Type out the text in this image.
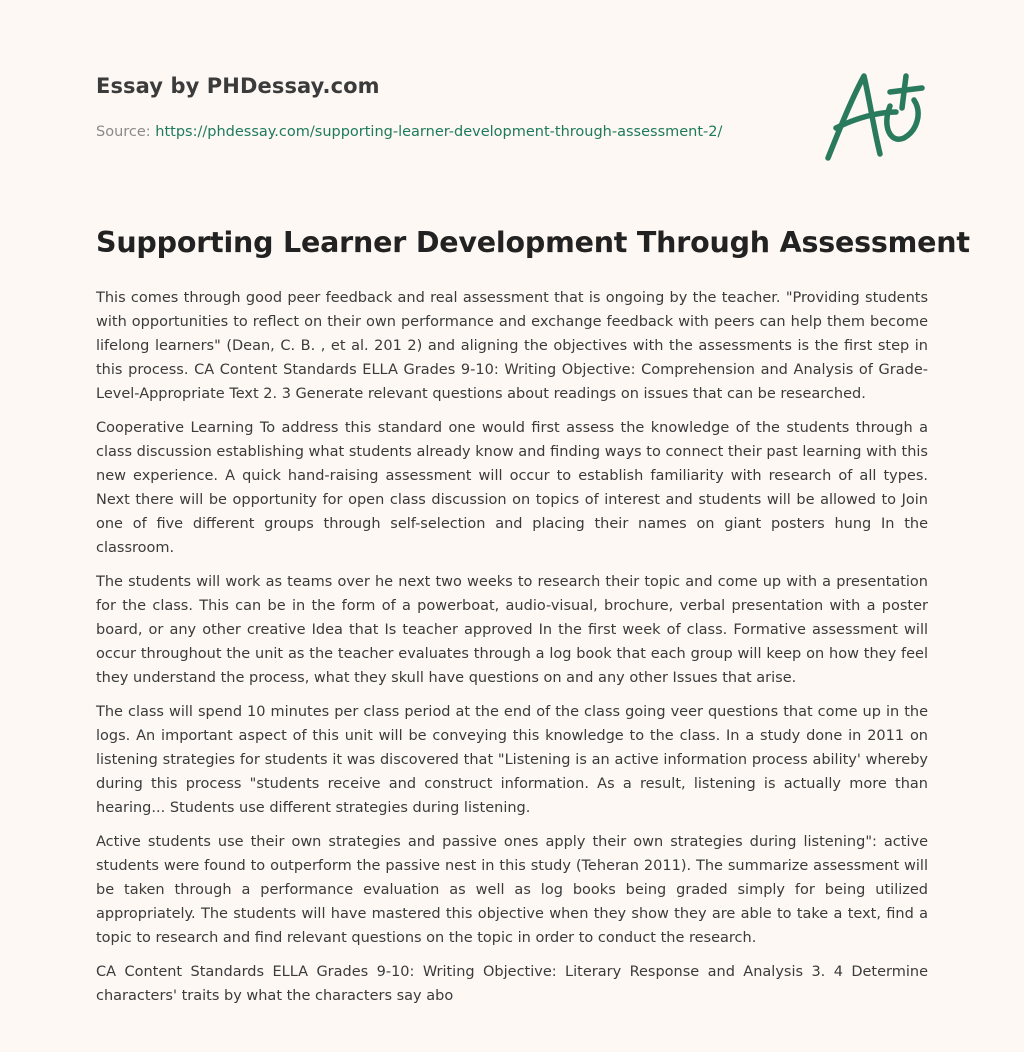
Essay by PHDessay.com
Source: https://phdessay.com/supporting-learner-development-through-assessment-2/
Supporting Learner Development Through Assessment

This comes through good peer feedback and real assessment that is ongoing by the teacher. "Providing students with opportunities to reflect on their own performance and exchange feedback with peers can help them become lifelong learners" (Dean, C. B. , et al. 201 2) and aligning the objectives with the assessments is the first step in this process. CA Content Standards ELLA Grades 9-10: Writing Objective: Comprehension and Analysis of Grade-Level-Appropriate Text 2. 3 Generate relevant questions about readings on issues that can be researched.

Cooperative Learning To address this standard one would first assess the knowledge of the students through a class discussion establishing what students already know and finding ways to connect their past learning with this new experience. A quick hand-raising assessment will occur to establish familiarity with research of all types. Next there will be opportunity for open class discussion on topics of interest and students will be allowed to Join one of five different groups through self-selection and placing their names on giant posters hung In the classroom.

The students will work as teams over he next two weeks to research their topic and come up with a presentation for the class. This can be in the form of a powerboat, audio-visual, brochure, verbal presentation with a poster board, or any other creative Idea that Is teacher approved In the first week of class. Formative assessment will occur throughout the unit as the teacher evaluates through a log book that each group will keep on how they feel they understand the process, what they skull have questions on and any other Issues that arise.

The class will spend 10 minutes per class period at the end of the class going veer questions that come up in the logs. An important aspect of this unit will be conveying this knowledge to the class. In a study done in 2011 on listening strategies for students it was discovered that "Listening is an active information process ability' whereby during this process "students receive and construct information. As a result, listening is actually more than hearing... Students use different strategies during listening.

Active students use their own strategies and passive ones apply their own strategies during listening": active students were found to outperform the passive nest in this study (Teheran 2011). The summarize assessment will be taken through a performance evaluation as well as log books being graded simply for being utilized appropriately. The students will have mastered this objective when they show they are able to take a text, find a topic to research and find relevant questions on the topic in order to conduct the research.

CA Content Standards ELLA Grades 9-10: Writing Objective: Literary Response and Analysis 3. 4 Determine characters' traits by what the characters say abo
